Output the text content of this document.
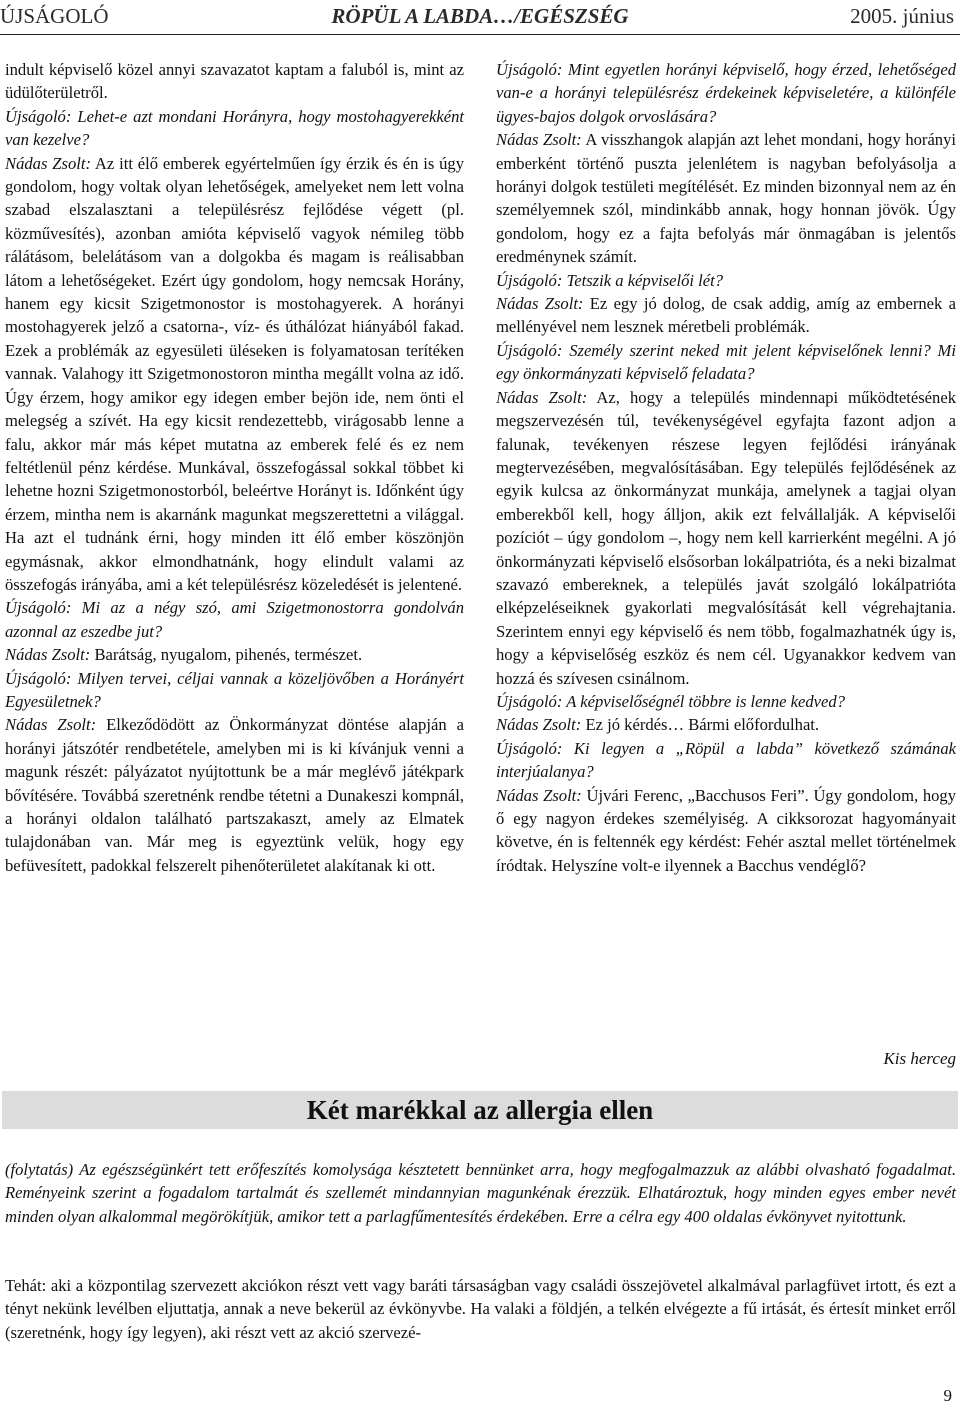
ÚJSÁGOLÓ	RÖPÜL A LABDA…/EGÉSZSÉG	2005. június

indult képviselő közel annyi szavazatot kaptam a faluból is, mint az üdülőterületről.

Újságoló: Lehet-e azt mondani Horányra, hogy mostohagyerekként van kezelve?

Nádas Zsolt: Az itt élő emberek egyértelműen így érzik és én is úgy gondolom, hogy voltak olyan lehetőségek, amelyeket nem lett volna szabad elszalasztani a településrész fejlődése végett (pl. közművesítés), azonban amióta képviselő vagyok némileg több rálátásom, belelátásom van a dolgokba és magam is reálisabban látom a lehetőségeket. Ezért úgy gondolom, hogy nemcsak Horány, hanem egy kicsit Szigetmonostor is mostohagyerek. A horányi mostohagyerek jelző a csatorna-, víz- és úthálózat hiányából fakad. Ezek a problémák az egyesületi üléseken is folyamatosan terítéken vannak. Valahogy itt Szigetmonostoron mintha megállt volna az idő. Úgy érzem, hogy amikor egy idegen ember bejön ide, nem önti el melegség a szívét. Ha egy kicsit rendezettebb, virágosabb lenne a falu, akkor már más képet mutatna az emberek felé és ez nem feltétlenül pénz kérdése. Munkával, összefogással sokkal többet ki lehetne hozni Szigetmonostorból, beleértve Horányt is. Időnként úgy érzem, mintha nem is akarnánk magunkat megszerettetni a világgal. Ha azt el tudnánk érni, hogy minden itt élő ember köszönjön egymásnak, akkor elmondhatnánk, hogy elindult valami az összefogás irányába, ami a két településrész közeledését is jelentené.

Újságoló: Mi az a négy szó, ami Szigetmonostorra gondolván azonnal az eszedbe jut?

Nádas Zsolt: Barátság, nyugalom, pihenés, természet.

Újságoló: Milyen tervei, céljai vannak a közeljövőben a Horányért Egyesületnek?

Nádas Zsolt: Elkeződödött az Önkormányzat döntése alapján a horányi játszótér rendbetétele, amelyben mi is ki kívánjuk venni a magunk részét: pályázatot nyújtottunk be a már meglévő játékpark bővítésére. Továbbá szeretnénk rendbe tétetni a Dunakeszi kompnál, a horányi oldalon található partszakaszt, amely az Elmatek tulajdonában van. Már meg is egyeztünk velük, hogy egy befüvesített, padokkal felszerelt pihenőterületet alakítanak ki ott.

Újságoló: Mint egyetlen horányi képviselő, hogy érzed, lehetőséged van-e a horányi településrész érdekeinek képviseletére, a különféle ügyes-bajos dolgok orvoslására?

Nádas Zsolt: A visszhangok alapján azt lehet mondani, hogy horányi emberként történő puszta jelenlétem is nagyban befolyásolja a horányi dolgok testületi megítélését. Ez minden bizonnyal nem az én személyemnek szól, mindinkább annak, hogy honnan jövök. Úgy gondolom, hogy ez a fajta befolyás már önmagában is jelentős eredménynek számít.

Újságoló: Tetszik a képviselői lét?

Nádas Zsolt: Ez egy jó dolog, de csak addig, amíg az embernek a mellényével nem lesznek méretbeli problémák.

Újságoló: Személy szerint neked mit jelent képviselőnek lenni? Mi egy önkormányzati képviselő feladata?

Nádas Zsolt: Az, hogy a település mindennapi működtetésének megszervezésén túl, tevékenységével egyfajta fazont adjon a falunak, tevékenyen részese legyen fejlődési irányának megtervezésében, megvalósításában. Egy település fejlődésének az egyik kulcsa az önkormányzat munkája, amelynek a tagjai olyan emberekből kell, hogy álljon, akik ezt felvállalják. A képviselői pozíciót – úgy gondolom –, hogy nem kell karrierként megélni. A jó önkormányzati képviselő elsősorban lokálpatrióta, és a neki bizalmat szavazó embereknek, a település javát szolgáló lokálpatrióta elképzeléseiknek gyakorlati megvalósítását kell végrehajtania. Szerintem ennyi egy képviselő és nem több, fogalmazhatnék úgy is, hogy a képviselőség eszköz és nem cél. Ugyanakkor kedvem van hozzá és szívesen csinálnom.

Újságoló: A képviselőségnél többre is lenne kedved?

Nádas Zsolt: Ez jó kérdés… Bármi előfordulhat.

Újságoló: Ki legyen a „Röpül a labda” következő számának interjúalanya?

Nádas Zsolt: Újvári Ferenc, „Bacchusos Feri”. Úgy gondolom, hogy ő egy nagyon érdekes személyiség. A cikksorozat hagyományait követve, én is feltennék egy kérdést: Fehér asztal mellet történelmek íródtak. Helyszíne volt-e ilyennek a Bacchus vendéglő?

Kis herceg
Két marékkal az allergia ellen

(folytatás) Az egészségünkért tett erőfeszítés komolysága késztetett bennünket arra, hogy megfogalmazzuk az alábbi olvasható fogadalmat. Reményeink szerint a fogadalom tartalmát és szellemét mindannyian magunkénak érezzük. Elhatároztuk, hogy minden egyes ember nevét minden olyan alkalommal megörökítjük, amikor tett a parlagfűmentesítés érdekében. Erre a célra egy 400 oldalas évkönyvet nyitottunk.

Tehát: aki a központilag szervezett akciókon részt vett vagy baráti társaságban vagy családi összejövetel alkalmával parlagfüvet irtott, és ezt a tényt nekünk levélben eljuttatja, annak a neve bekerül az évkönyvbe. Ha valaki a földjén, a telkén elvégezte a fű irtását, és értesít minket erről (szeretnénk, hogy így legyen), aki részt vett az akció szervezé-

9
